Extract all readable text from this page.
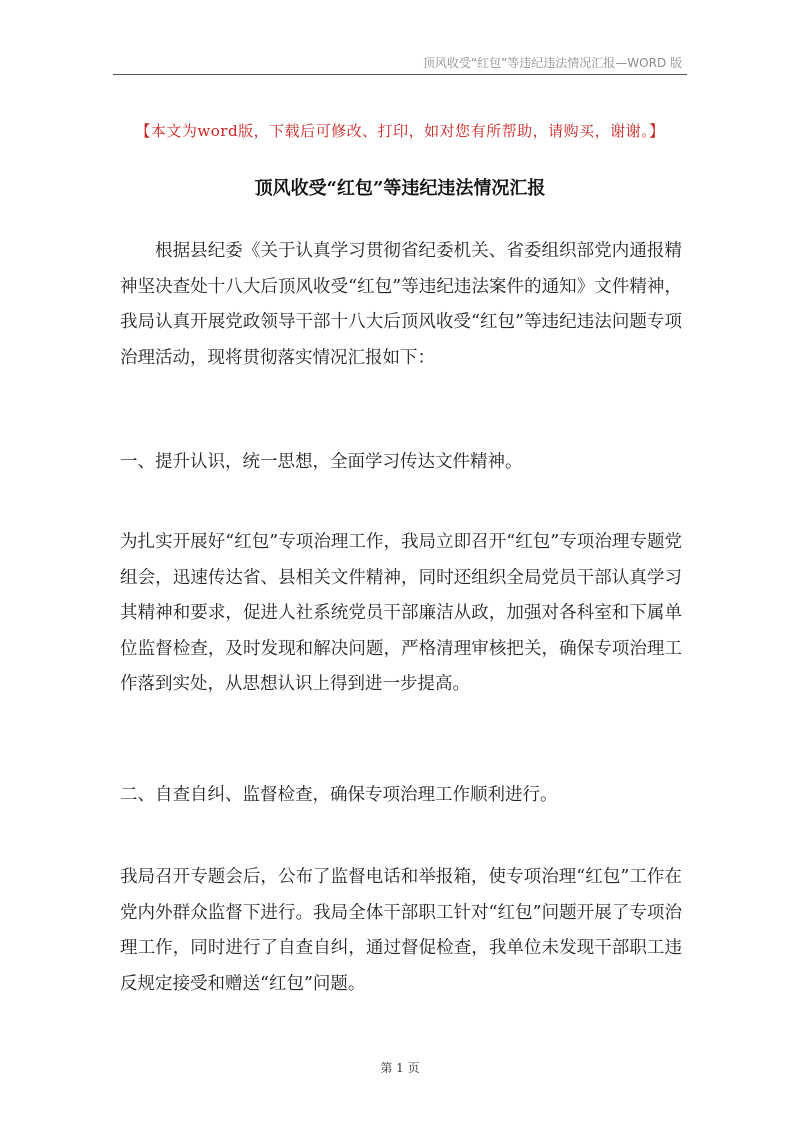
顶风收受“红包”等违纪违法情况汇报—WORD 版
【本文为word版，下载后可修改、打印，如对您有所帮助，请购买，谢谢。】
顶风收受“红包”等违纪违法情况汇报

根据县纪委《关于认真学习贯彻省纪委机关、省委组织部党内通报精神坚决查处十八大后顶风收受“红包”等违纪违法案件的通知》文件精神，我局认真开展党政领导干部十八大后顶风收受“红包”等违纪违法问题专项治理活动，现将贯彻落实情况汇报如下：

一、提升认识，统一思想，全面学习传达文件精神。

为扎实开展好“红包”专项治理工作，我局立即召开“红包”专项治理专题党组会，迅速传达省、县相关文件精神，同时还组织全局党员干部认真学习其精神和要求，促进人社系统党员干部廉洁从政，加强对各科室和下属单位监督检查，及时发现和解决问题，严格清理审核把关，确保专项治理工作落到实处，从思想认识上得到进一步提高。

二、自查自纠、监督检查，确保专项治理工作顺利进行。

我局召开专题会后，公布了监督电话和举报箱，使专项治理“红包”工作在党内外群众监督下进行。我局全体干部职工针对“红包”问题开展了专项治理工作，同时进行了自查自纠，通过督促检查，我单位未发现干部职工违反规定接受和赠送“红包”问题。

第 1 页
